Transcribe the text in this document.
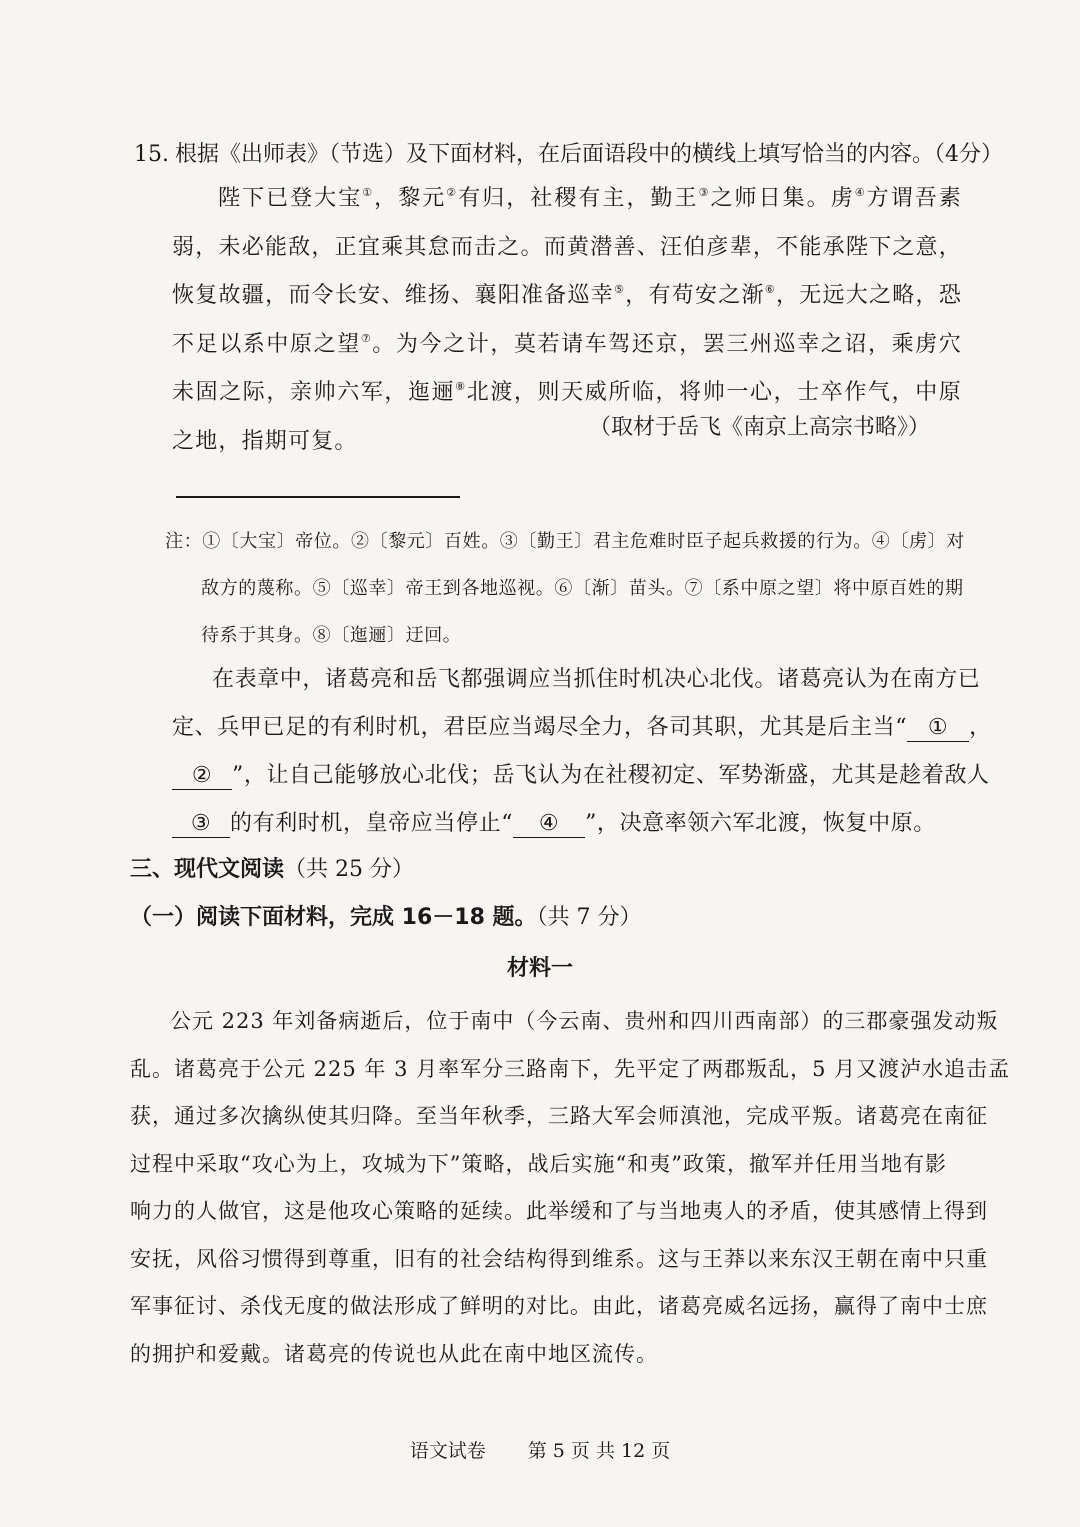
15. 根据《出师表》（节选）及下面材料，在后面语段中的横线上填写恰当的内容。（4分）

陛下已登大宝①，黎元②有归，社稷有主，勤王③之师日集。虏④方谓吾素弱，未必能敌，正宜乘其怠而击之。而黄潜善、汪伯彦辈，不能承陛下之意，恢复故疆，而令长安、维扬、襄阳准备巡幸⑤，有苟安之渐⑥，无远大之略，恐不足以系中原之望⑦。为今之计，莫若请车驾还京，罢三州巡幸之诏，乘虏穴未固之际，亲帅六军，迤逦⑧北渡，则天威所临，将帅一心，士卒作气，中原之地，指期可复。

（取材于岳飞《南京上高宗书略》）
注：①〔大宝〕帝位。②〔黎元〕百姓。③〔勤王〕君主危难时臣子起兵救援的行为。④〔虏〕对
敌方的蔑称。⑤〔巡幸〕帝王到各地巡视。⑥〔渐〕苗头。⑦〔系中原之望〕将中原百姓的期
待系于其身。⑧〔迤逦〕迂回。
在表章中，诸葛亮和岳飞都强调应当抓住时机决心北伐。诸葛亮认为在南方已
定、兵甲已足的有利时机，君臣应当竭尽全力，各司其职，尤其是后主当“ ① ，
② ”，让自己能够放心北伐；岳飞认为在社稷初定、军势渐盛，尤其是趁着敌人
③ 的有利时机，皇帝应当停止“ ④ ”，决意率领六军北渡，恢复中原。
三、现代文阅读（共 25 分）
（一）阅读下面材料，完成 16－18 题。（共 7 分）
材料一
公元 223 年刘备病逝后，位于南中（今云南、贵州和四川西南部）的三郡豪强发动叛
乱。诸葛亮于公元 225 年 3 月率军分三路南下，先平定了两郡叛乱，5 月又渡泸水追击孟
获，通过多次擒纵使其归降。至当年秋季，三路大军会师滇池，完成平叛。诸葛亮在南征
过程中采取“攻心为上，攻城为下”策略，战后实施“和夷”政策，撤军并任用当地有影
响力的人做官，这是他攻心策略的延续。此举缓和了与当地夷人的矛盾，使其感情上得到
安抚，风俗习惯得到尊重，旧有的社会结构得到维系。这与王莽以来东汉王朝在南中只重
军事征讨、杀伐无度的做法形成了鲜明的对比。由此，诸葛亮威名远扬，赢得了南中士庶
的拥护和爱戴。诸葛亮的传说也从此在南中地区流传。
语文试卷 第 5 页 共 12 页
